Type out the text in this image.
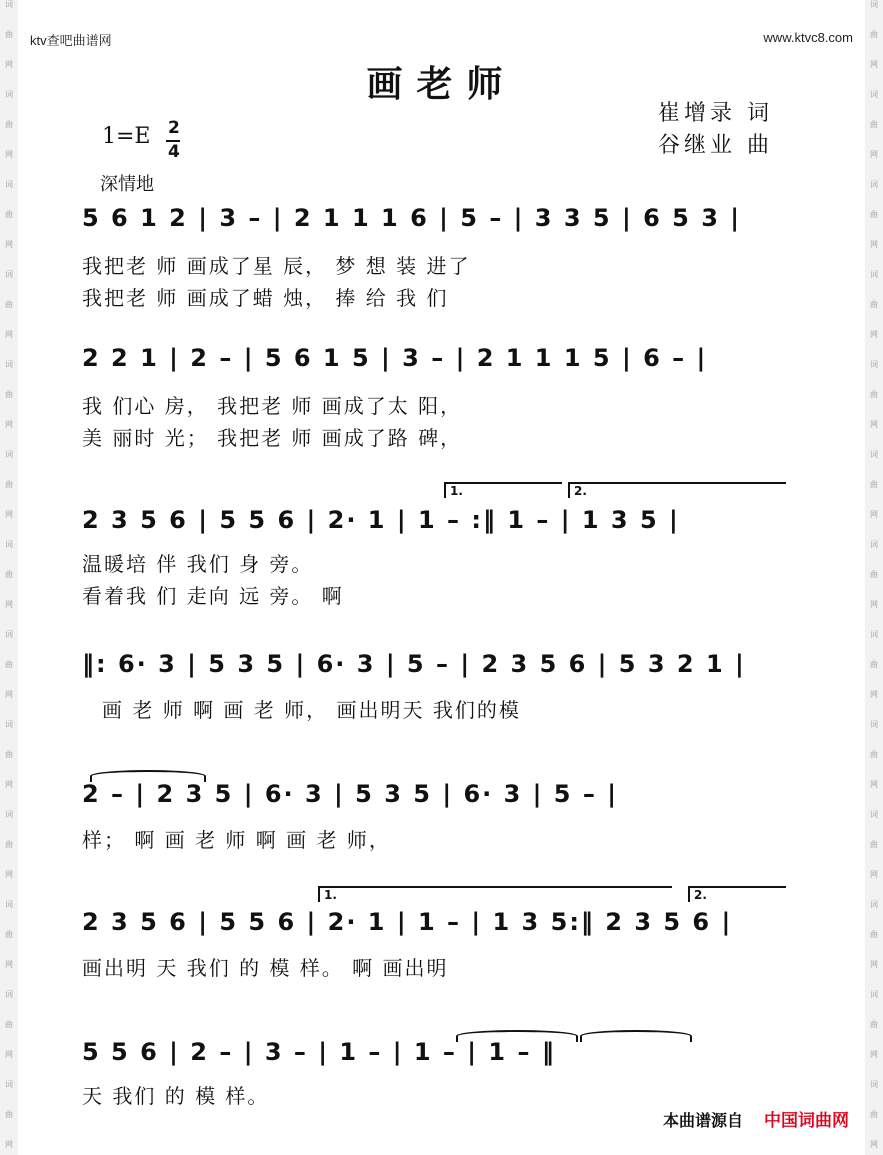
词
曲
网
词
曲
网
词
曲
网
词
曲
网
词
曲
网
词
曲
网
词
曲
网
词
曲
网
词
曲
网
词
曲
网
词
曲
网
词
曲
网
词
曲
网
词
曲
网
词
曲
网
词
曲
网
词
曲
网
词
曲
网
词
曲
网
词
曲
网
词
曲
网
词
曲
网
词
曲
网
词
曲
网
词
曲
网
词
曲
网
ktv查吧曲谱网	www.ktvc8.com
画老师
崔增录 词
谷继业 曲
1=E 2
4
深情地
5 6 1 2 | 3 – | 2 1 1 1 6 | 5 – | 3 3 5 | 6 5 3 |
我把老 师 画成了星 辰， 梦 想 装 进了
我把老 师 画成了蜡 烛， 捧 给 我 们
2 2 1 | 2 – | 5 6 1 5 | 3 – | 2 1 1 1 5 | 6 – |
我 们心 房， 我把老 师 画成了太 阳，
美 丽时 光； 我把老 师 画成了路 碑，
1.	2.
2 3 5 6 | 5 5 6 | 2· 1 | 1 – :‖ 1 – | 1 3 5 |
温暖培 伴 我们 身 旁。
看着我 们 走向 远 旁。 啊
‖: 6· 3 | 5 3 5 | 6· 3 | 5 – | 2 3 5 6 | 5 3 2 1 |
画 老 师 啊 画 老 师， 画出明天 我们的模
2 – | 2 3 5 | 6· 3 | 5 3 5 | 6· 3 | 5 – |
样； 啊 画 老 师 啊 画 老 师，
1.	2.
2 3 5 6 | 5 5 6 | 2· 1 | 1 – | 1 3 5:‖ 2 3 5 6 |
画出明 天 我们 的 模 样。 啊 画出明
5 5 6 | 2 – | 3 – | 1 – | 1 – | 1 – ‖
天 我们 的 模 样。
本曲谱源自 中国词曲网
